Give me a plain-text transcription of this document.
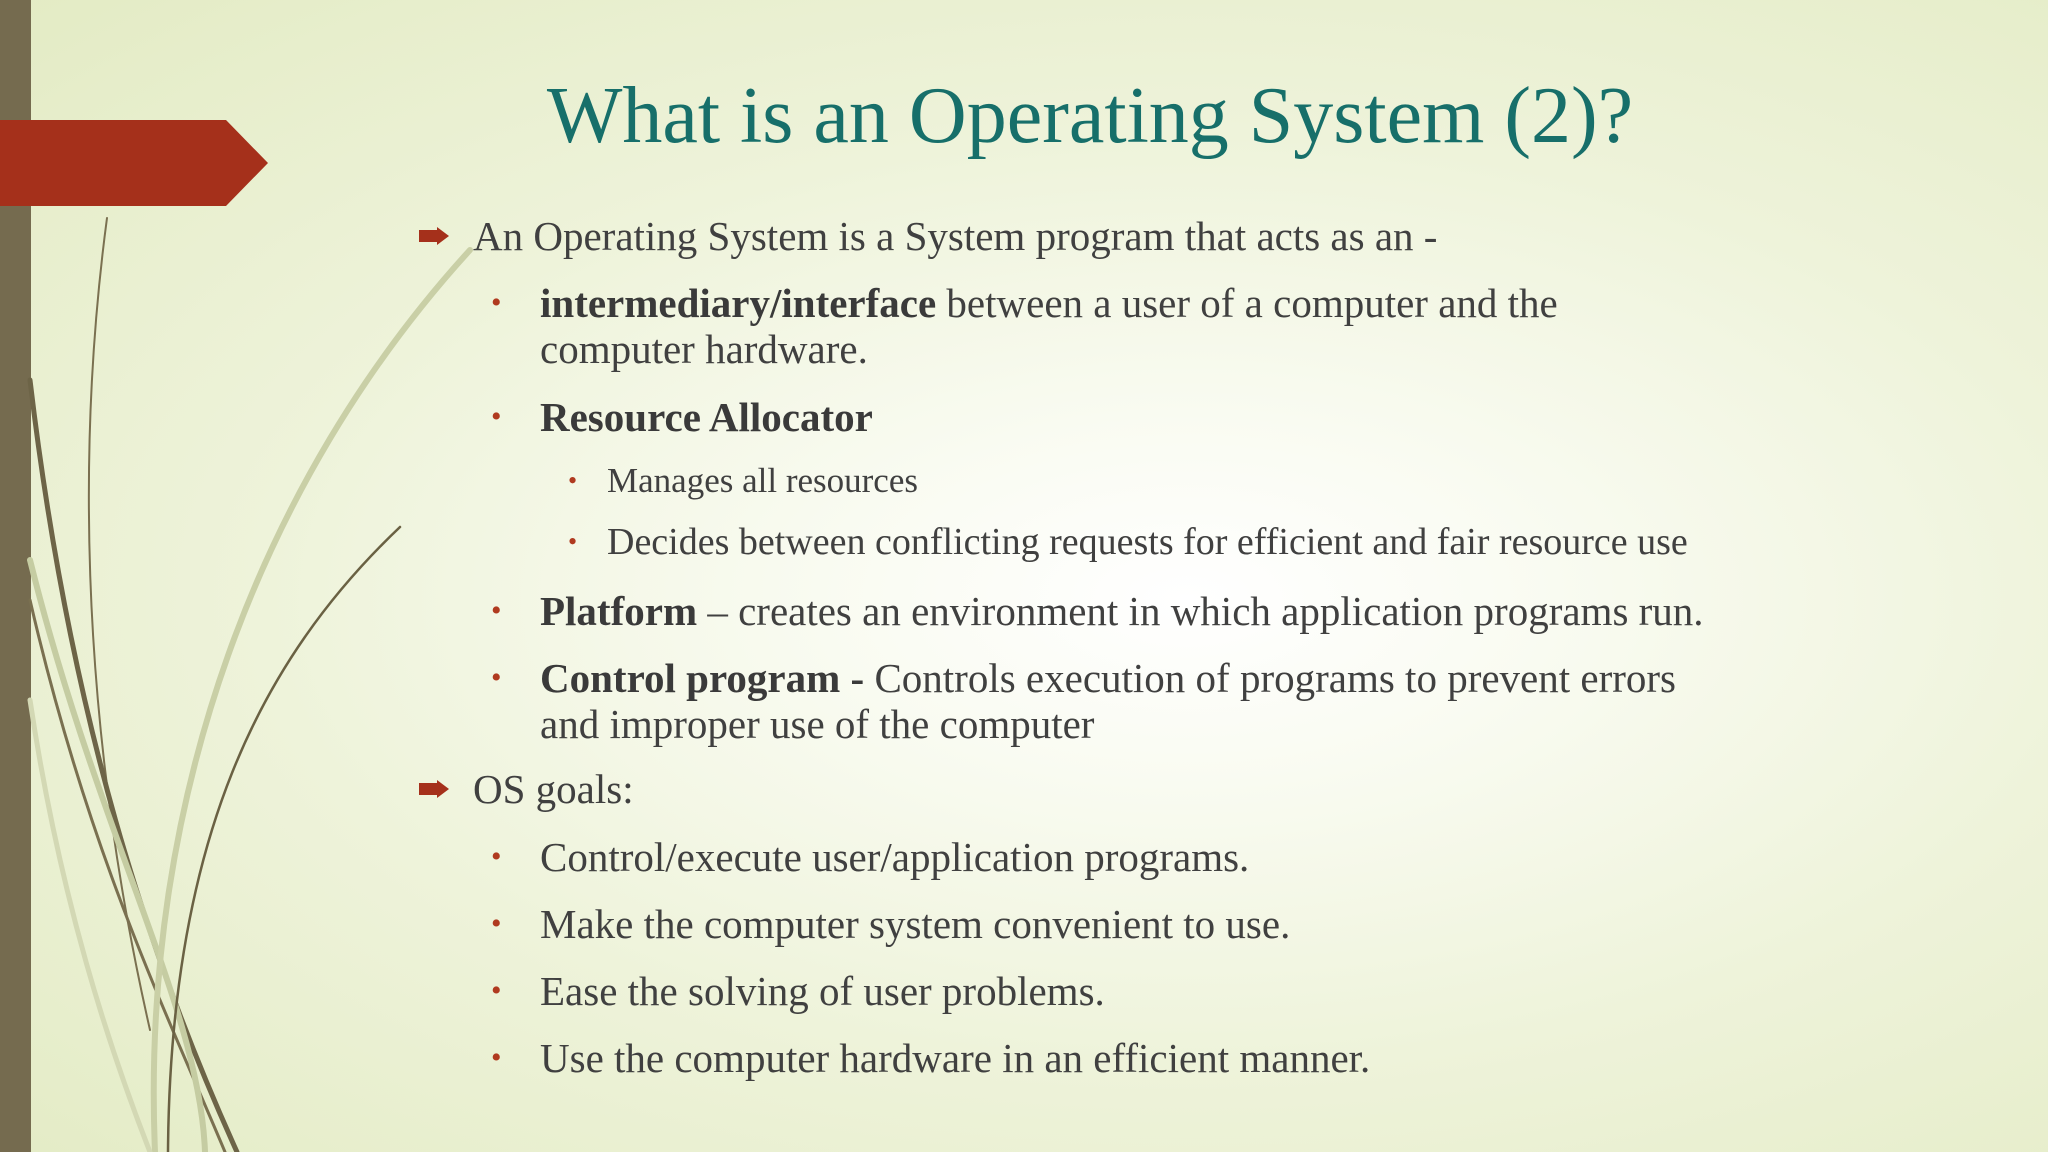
What is an Operating System (2)?
An Operating System is a System program that acts as an -
• intermediary/interface between a user of a computer and the
computer hardware.
• Resource Allocator
• Manages all resources
• Decides between conflicting requests for efficient and fair resource use
• Platform – creates an environment in which application programs run.
• Control program - Controls execution of programs to prevent errors
and improper use of the computer
OS goals:
• Control/execute user/application programs.
• Make the computer system convenient to use.
• Ease the solving of user problems.
• Use the computer hardware in an efficient manner.
